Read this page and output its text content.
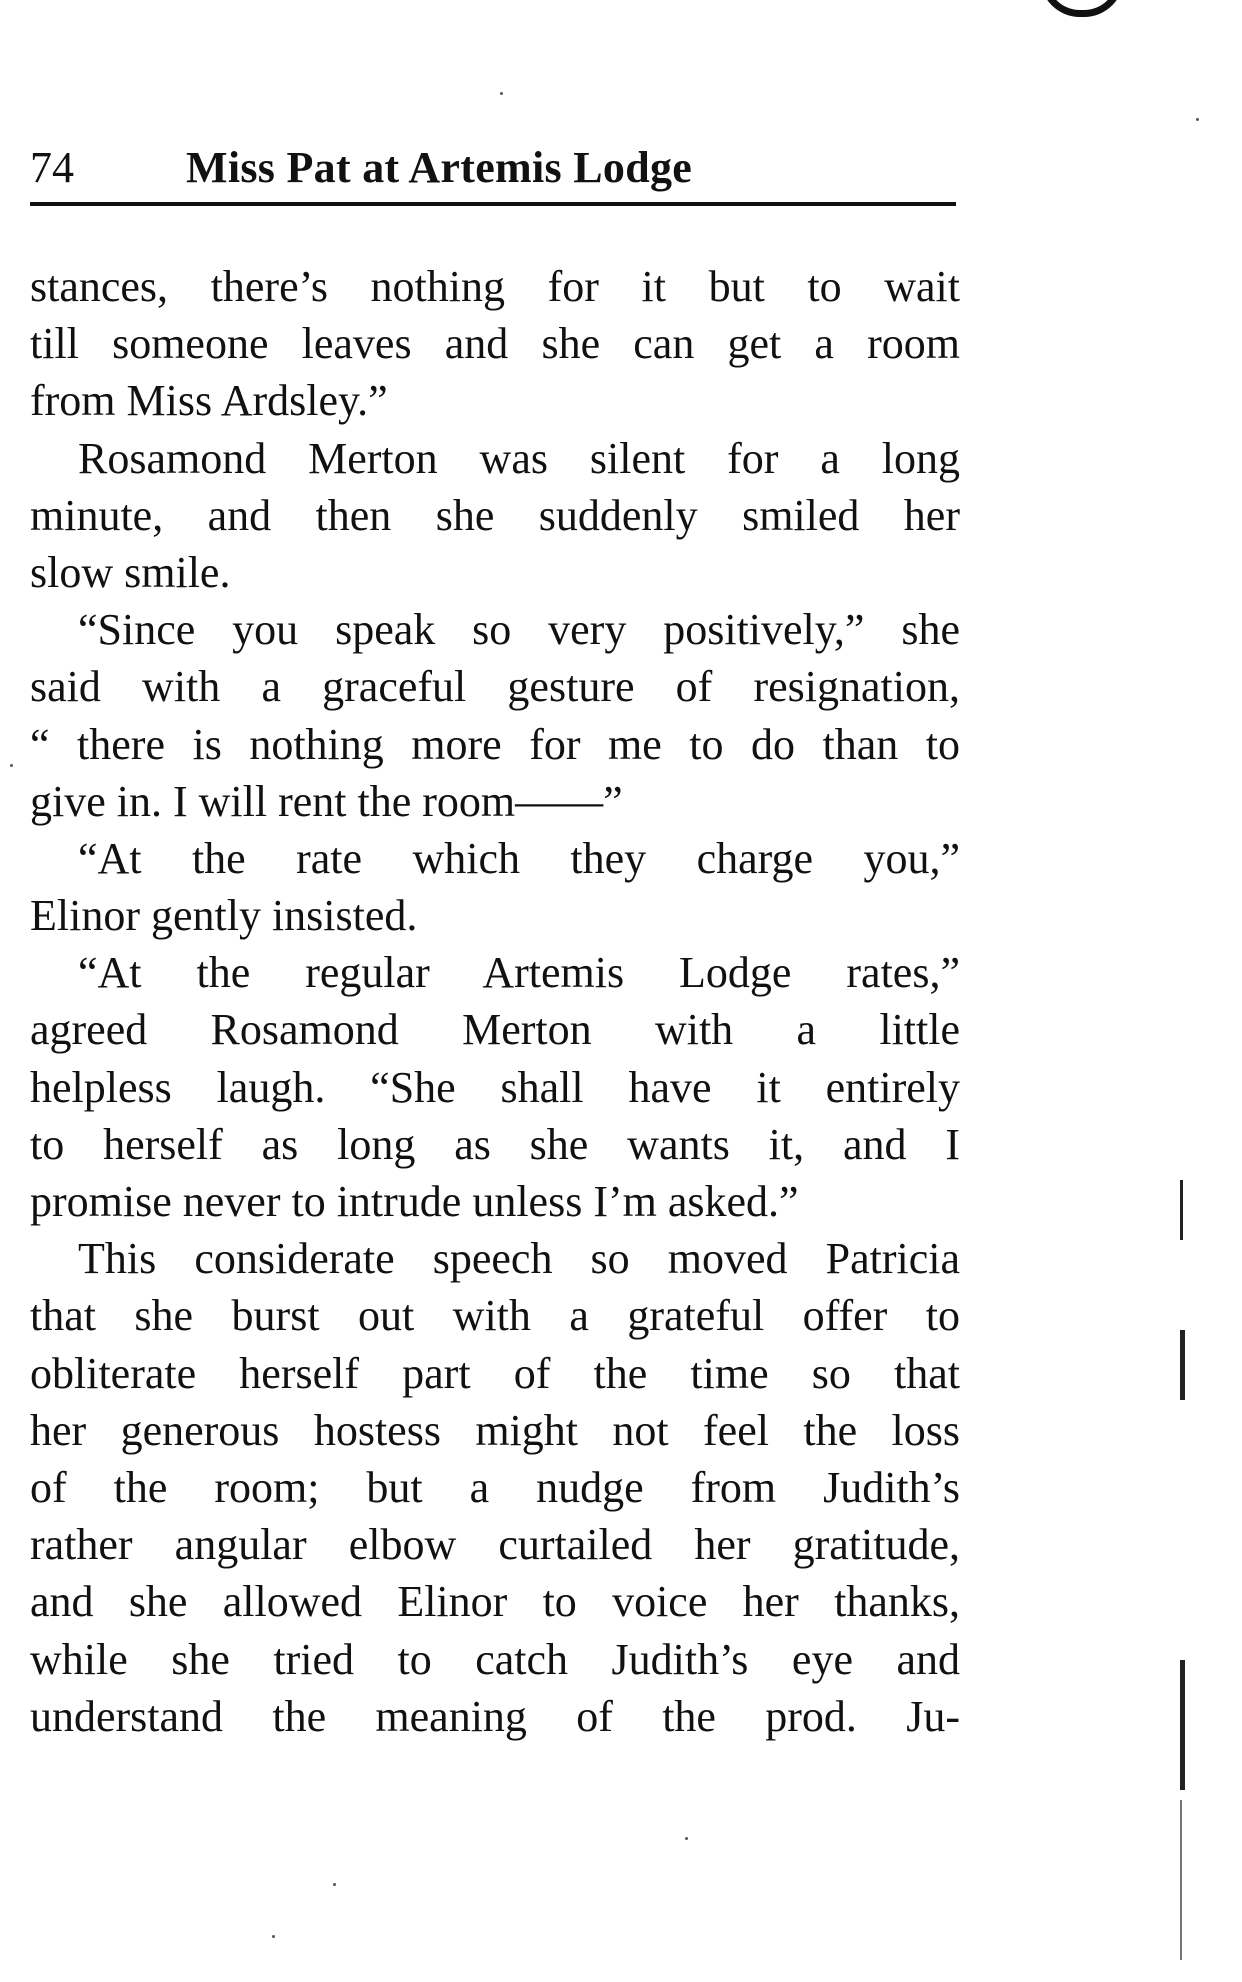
74	Miss Pat at Artemis Lodge
stances, there’s nothing for it but to wait
till someone leaves and she can get a room
from Miss Ardsley.”
Rosamond Merton was silent for a long
minute, and then she suddenly smiled her
slow smile.
“Since you speak so very positively,” she
said with a graceful gesture of resignation,
“ there is nothing more for me to do than to
give in. I will rent the room——”
“At the rate which they charge you,”
Elinor gently insisted.
“At the regular Artemis Lodge rates,”
agreed Rosamond Merton with a little
helpless laugh. “She shall have it entirely
to herself as long as she wants it, and I
promise never to intrude unless I’m asked.”
This considerate speech so moved Patricia
that she burst out with a grateful offer to
obliterate herself part of the time so that
her generous hostess might not feel the loss
of the room; but a nudge from Judith’s
rather angular elbow curtailed her gratitude,
and she allowed Elinor to voice her thanks,
while she tried to catch Judith’s eye and
understand the meaning of the prod. Ju-
